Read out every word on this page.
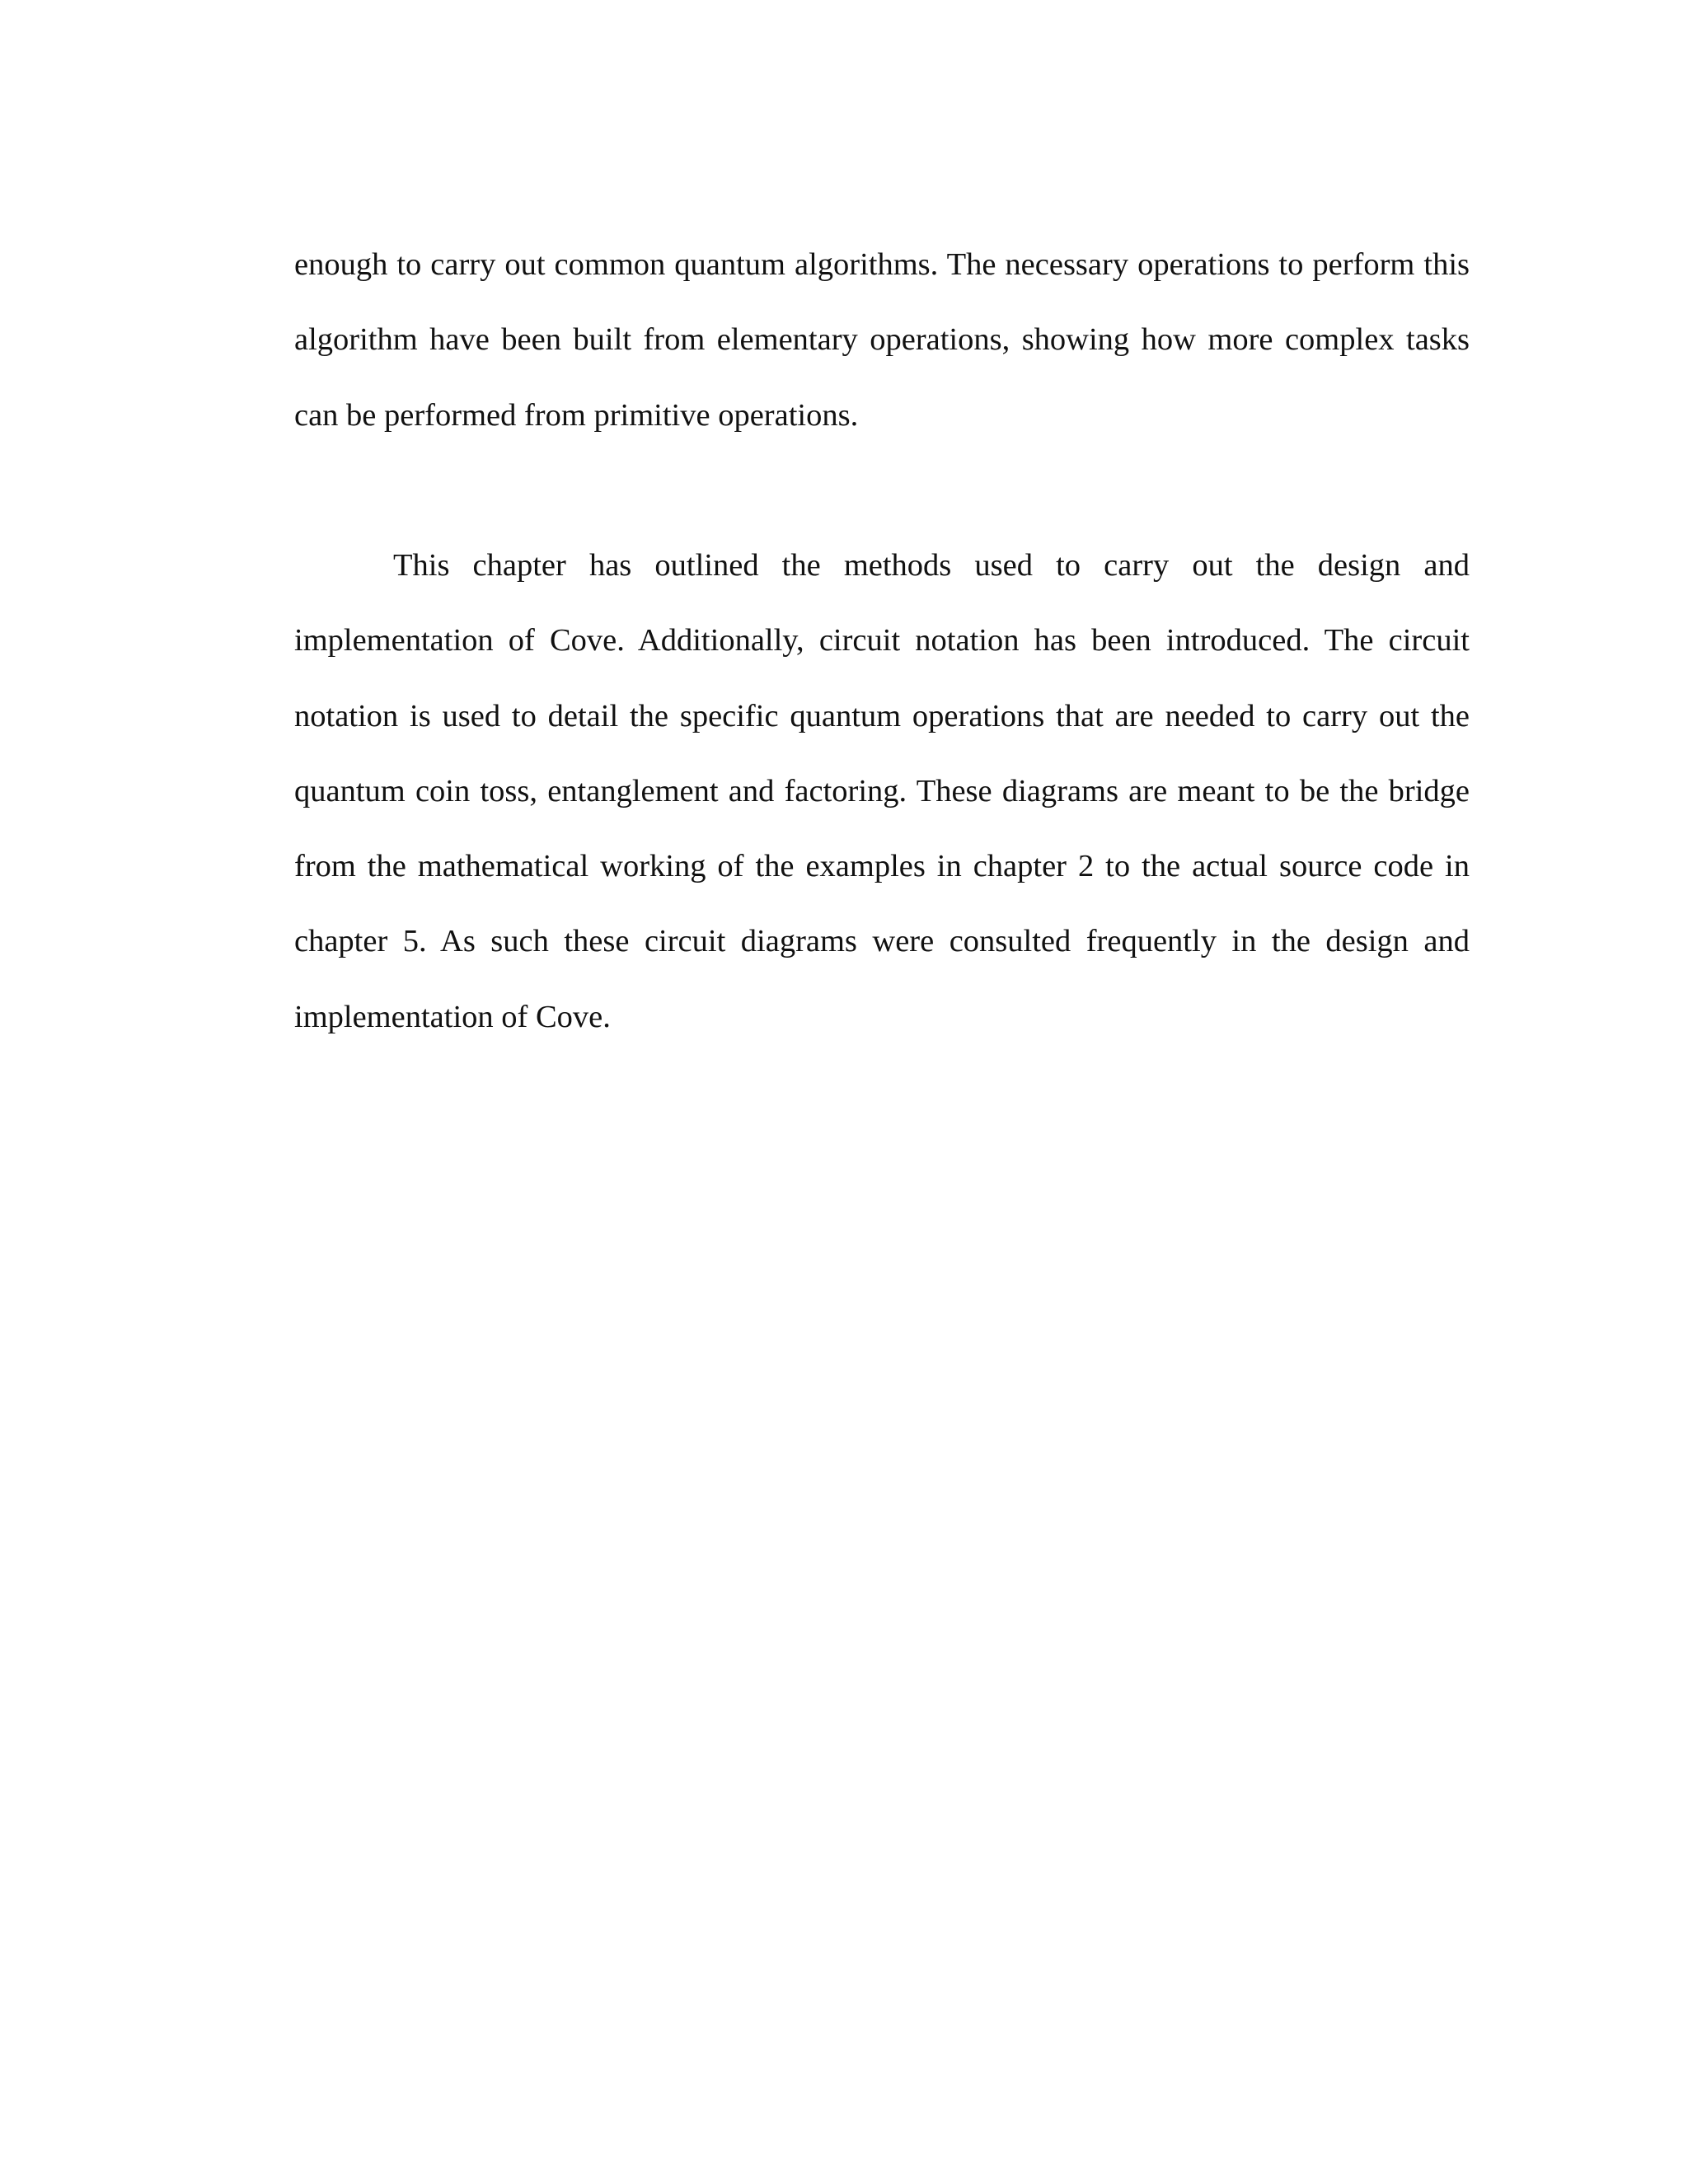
enough to carry out common quantum algorithms. The necessary operations to perform this algorithm have been built from elementary operations, showing how more complex tasks can be performed from primitive operations.

This chapter has outlined the methods used to carry out the design and implementation of Cove. Additionally, circuit notation has been introduced. The circuit notation is used to detail the specific quantum operations that are needed to carry out the quantum coin toss, entanglement and factoring. These diagrams are meant to be the bridge from the mathematical working of the examples in chapter 2 to the actual source code in chapter 5. As such these circuit diagrams were consulted frequently in the design and implementation of Cove.
